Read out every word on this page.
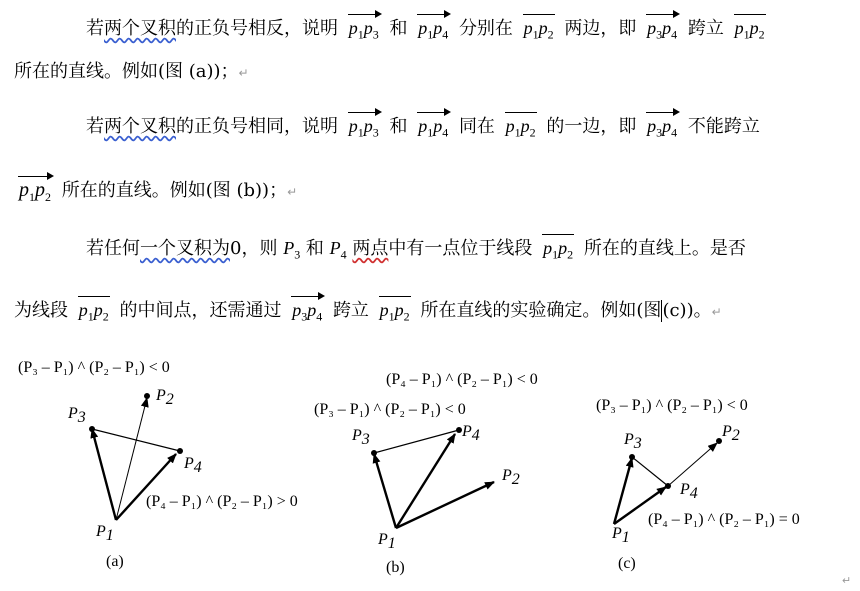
若两个叉积的正负号相反，说明 $p_1p_3$ 和 $p_1p_4$ 分别在 $p_1p_2$ 两边，即 $p_3p_4$ 跨立 $p_1p_2$
所在的直线。例如(图 (a))；↵
若两个叉积的正负号相同，说明 $p_1p_3$ 和 $p_1p_4$ 同在 $p_1p_2$ 的一边，即 $p_3p_4$ 不能跨立
$p_1p_2$ 所在的直线。例如(图 (b))；↵
若任何一个叉积为0，则 $P_3$ 和 $P_4$ 两点中有一点位于线段 $p_1p_2$ 所在的直线上。是否
为线段 $p_1p_2$ 的中间点，还需通过 $p_3p_4$ 跨立 $p_1p_2$ 所在直线的实验确定。例如(图(c))。↵
(P₃ – P₁) ^ (P₂ – P₁) < 0
P3
P2
P4
P1
(P₄ – P₁) ^ (P₂ – P₁) > 0
(a)
(P₄ – P₁) ^ (P₂ – P₁) < 0
(P₃ – P₁) ^ (P₂ – P₁) < 0
P3	P4
P2
P1
(b)
(P₃ – P₁) ^ (P₂ – P₁) < 0
P3
P2
P4
(P₄ – P₁) ^ (P₂ – P₁) = 0
P1
(c)
↵
